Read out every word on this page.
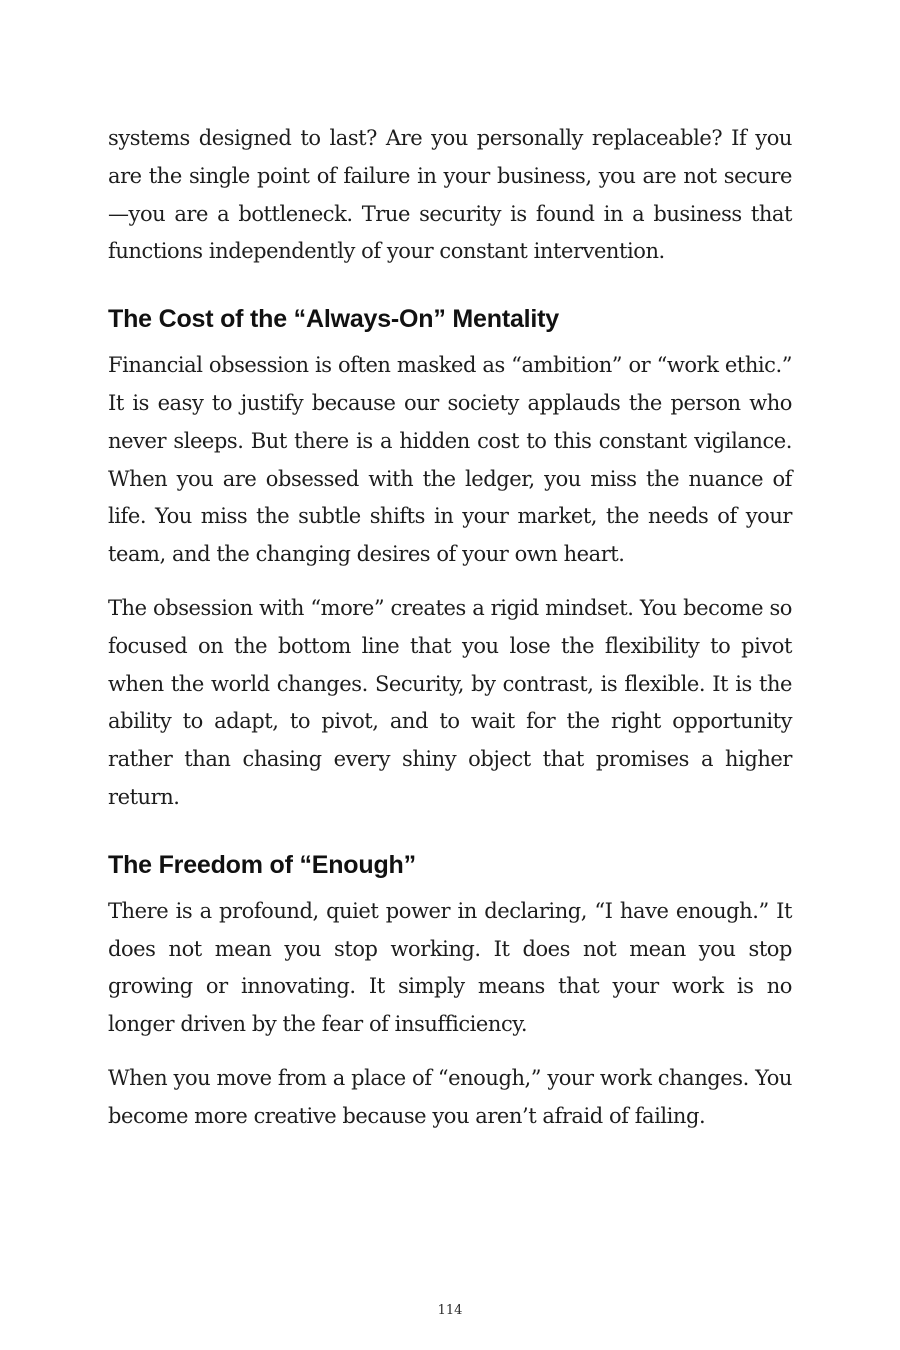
systems designed to last? Are you personally replaceable? If you are the single point of failure in your business, you are not secure—you are a bottleneck. True security is found in a business that functions independently of your constant intervention.

The Cost of the “Always-On” Mentality

Financial obsession is often masked as “ambition” or “work ethic.” It is easy to justify because our society applauds the person who never sleeps. But there is a hidden cost to this constant vigilance. When you are obsessed with the ledger, you miss the nuance of life. You miss the subtle shifts in your market, the needs of your team, and the changing desires of your own heart.

The obsession with “more” creates a rigid mindset. You become so focused on the bottom line that you lose the flexibility to pivot when the world changes. Security, by contrast, is flexible. It is the ability to adapt, to pivot, and to wait for the right opportunity rather than chasing every shiny object that promises a higher return.

The Freedom of “Enough”

There is a profound, quiet power in declaring, “I have enough.” It does not mean you stop working. It does not mean you stop growing or innovating. It simply means that your work is no longer driven by the fear of insufficiency.

When you move from a place of “enough,” your work changes. You become more creative because you aren’t afraid of failing.

114
